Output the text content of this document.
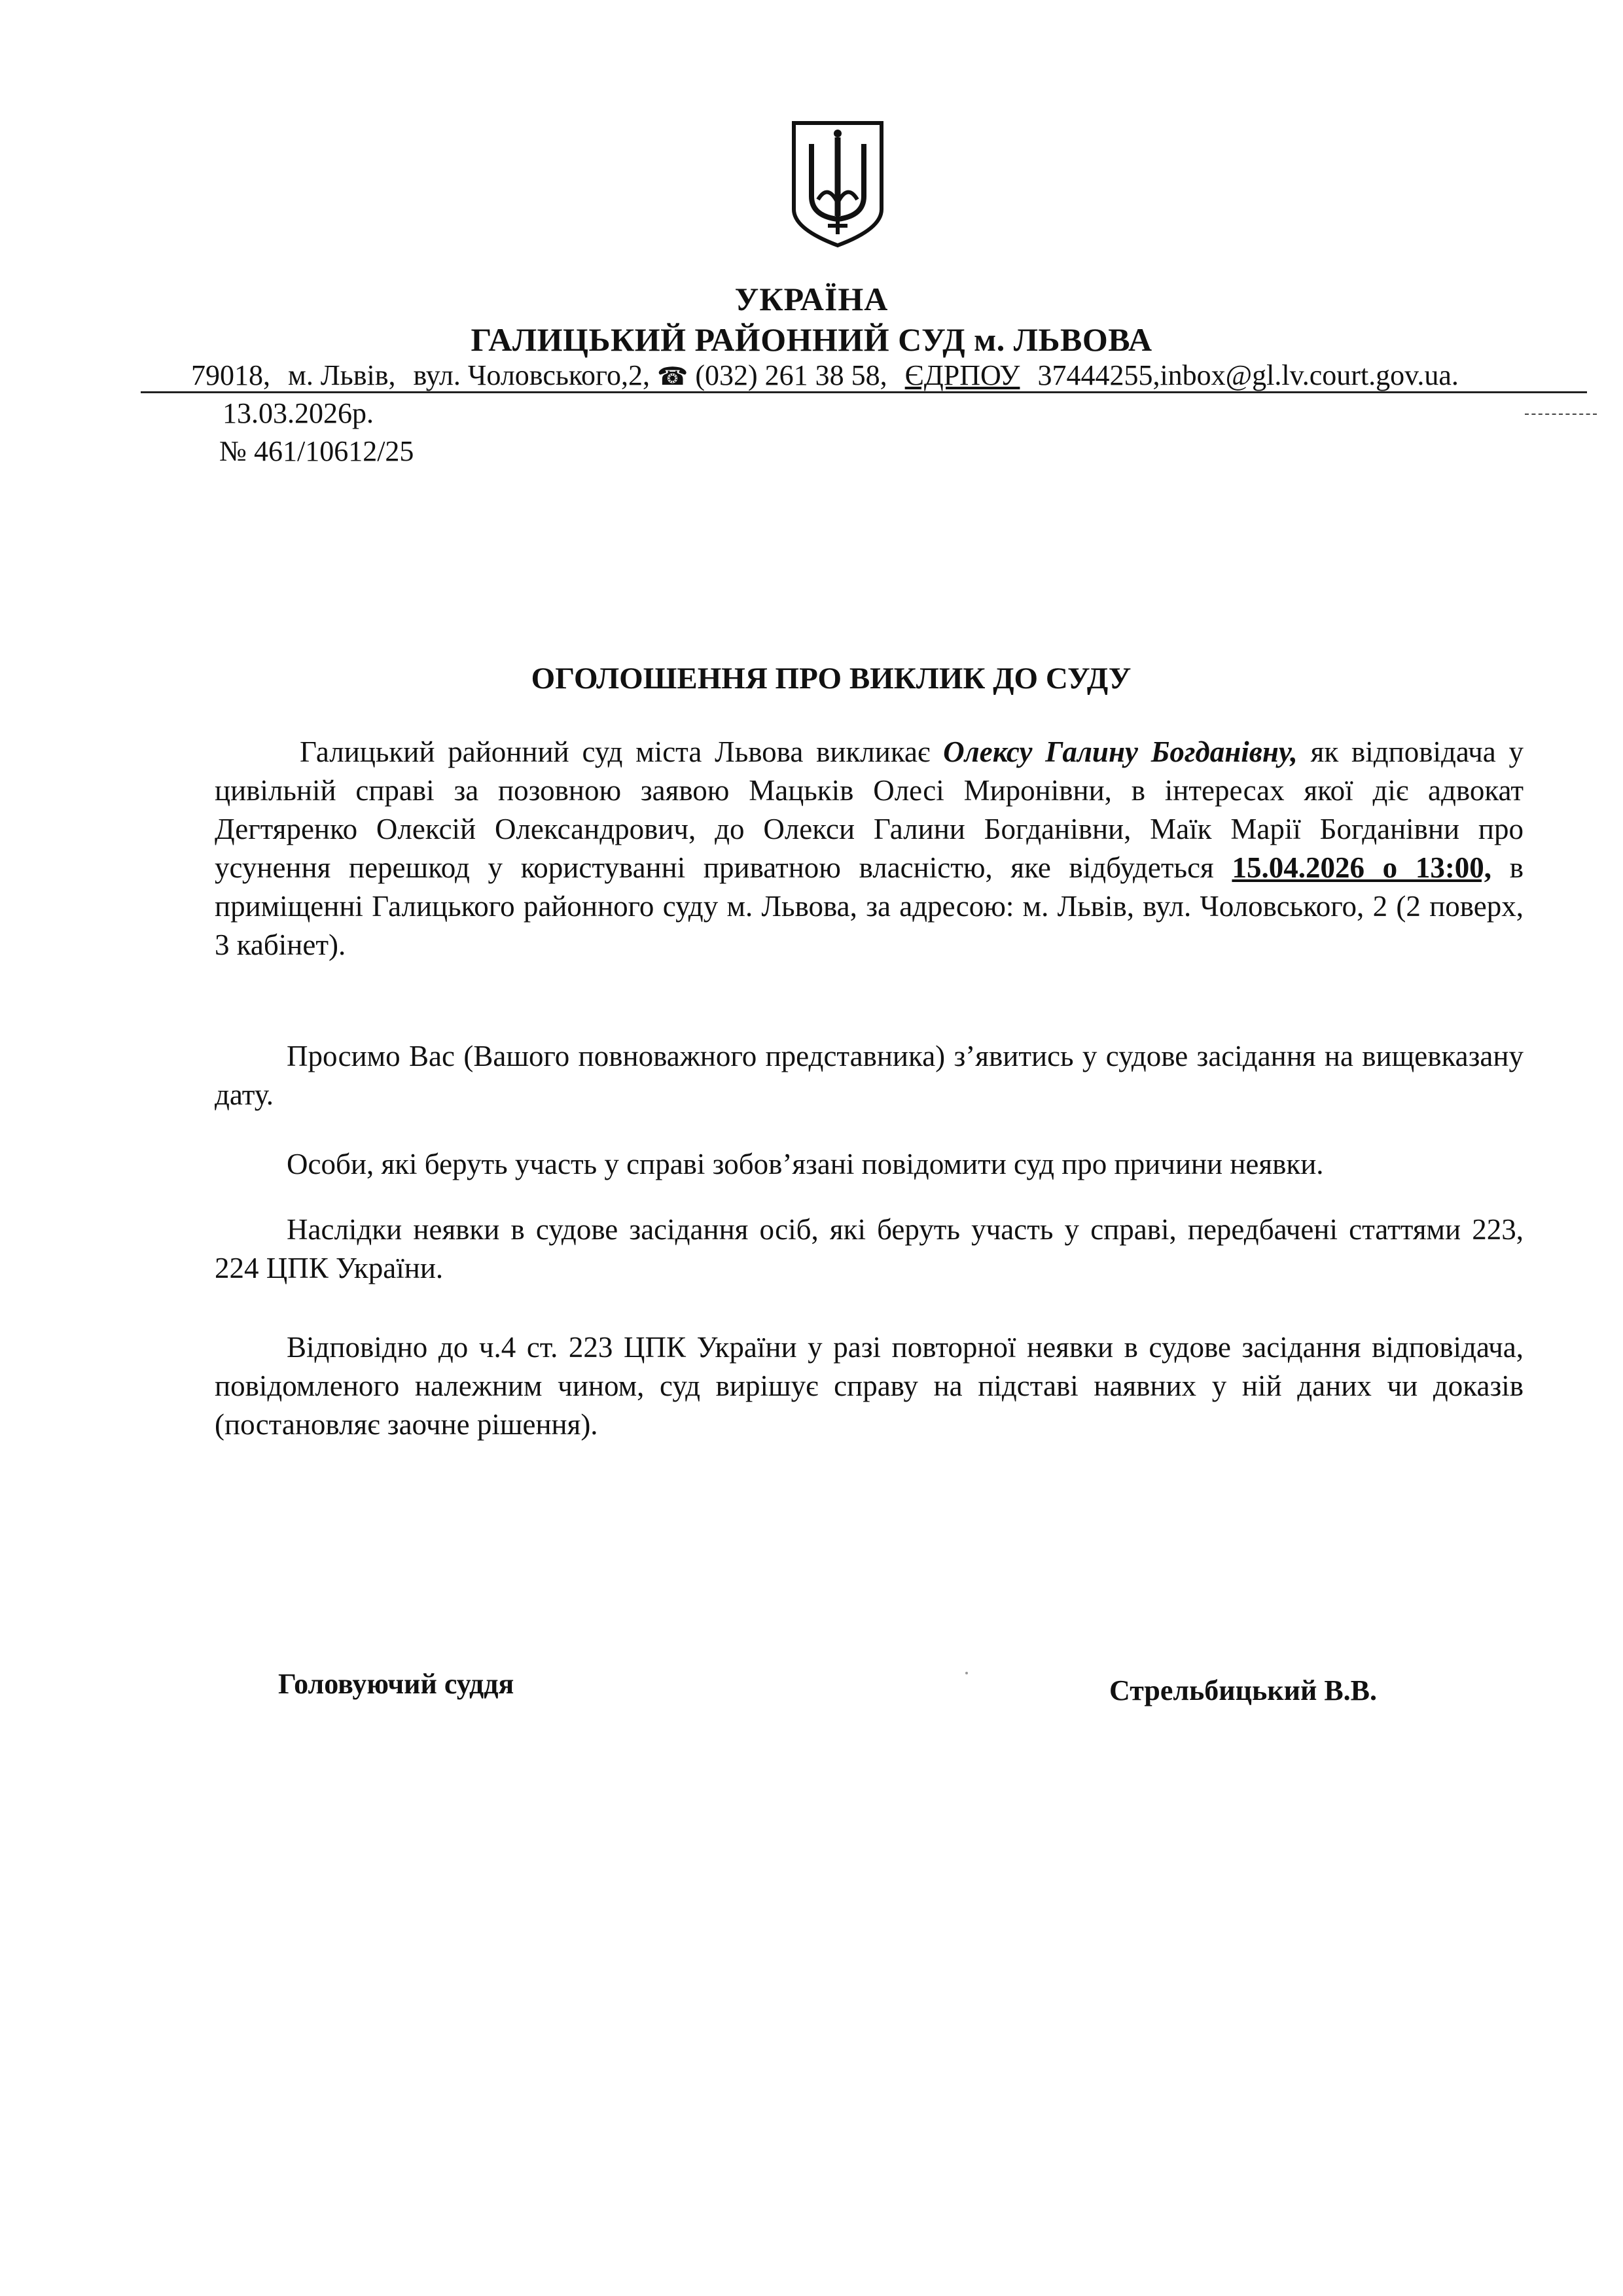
УКРАЇНА
ГАЛИЦЬКИЙ РАЙОННИЙ СУД м. ЛЬВОВА
79018, м. Львів, вул. Чоловського,2, ☎ (032) 261 38 58, ЄДРПОУ 37444255,inbox@gl.lv.court.gov.ua.
13.03.2026р.
№ 461/10612/25
ОГОЛОШЕННЯ ПРО ВИКЛИК ДО СУДУ
Галицький районний суд міста Львова викликає Олексу Галину Богданівну, як відповідача у цивільній справі за позовною заявою Мацьків Олесі Миронівни, в інтересах якої діє адвокат Дегтяренко Олексій Олександрович, до Олекси Галини Богданівни, Маїк Марії Богданівни про усунення перешкод у користуванні приватною власністю, яке відбудеться 15.04.2026 о 13:00, в приміщенні Галицького районного суду м. Львова, за адресою: м. Львів, вул. Чоловського, 2 (2 поверх, 3 кабінет).
Просимо Вас (Вашого повноважного представника) з’явитись у судове засідання на вищевказану дату.
Особи, які беруть участь у справі зобов’язані повідомити суд про причини неявки.
Наслідки неявки в судове засідання осіб, які беруть участь у справі, передбачені статтями 223, 224 ЦПК України.
Відповідно до ч.4 ст. 223 ЦПК України у разі повторної неявки в судове засідання відповідача, повідомленого належним чином, суд вирішує справу на підставі наявних у ній даних чи доказів (постановляє заочне рішення).
Головуючий суддя	Стрельбицький В.В.
